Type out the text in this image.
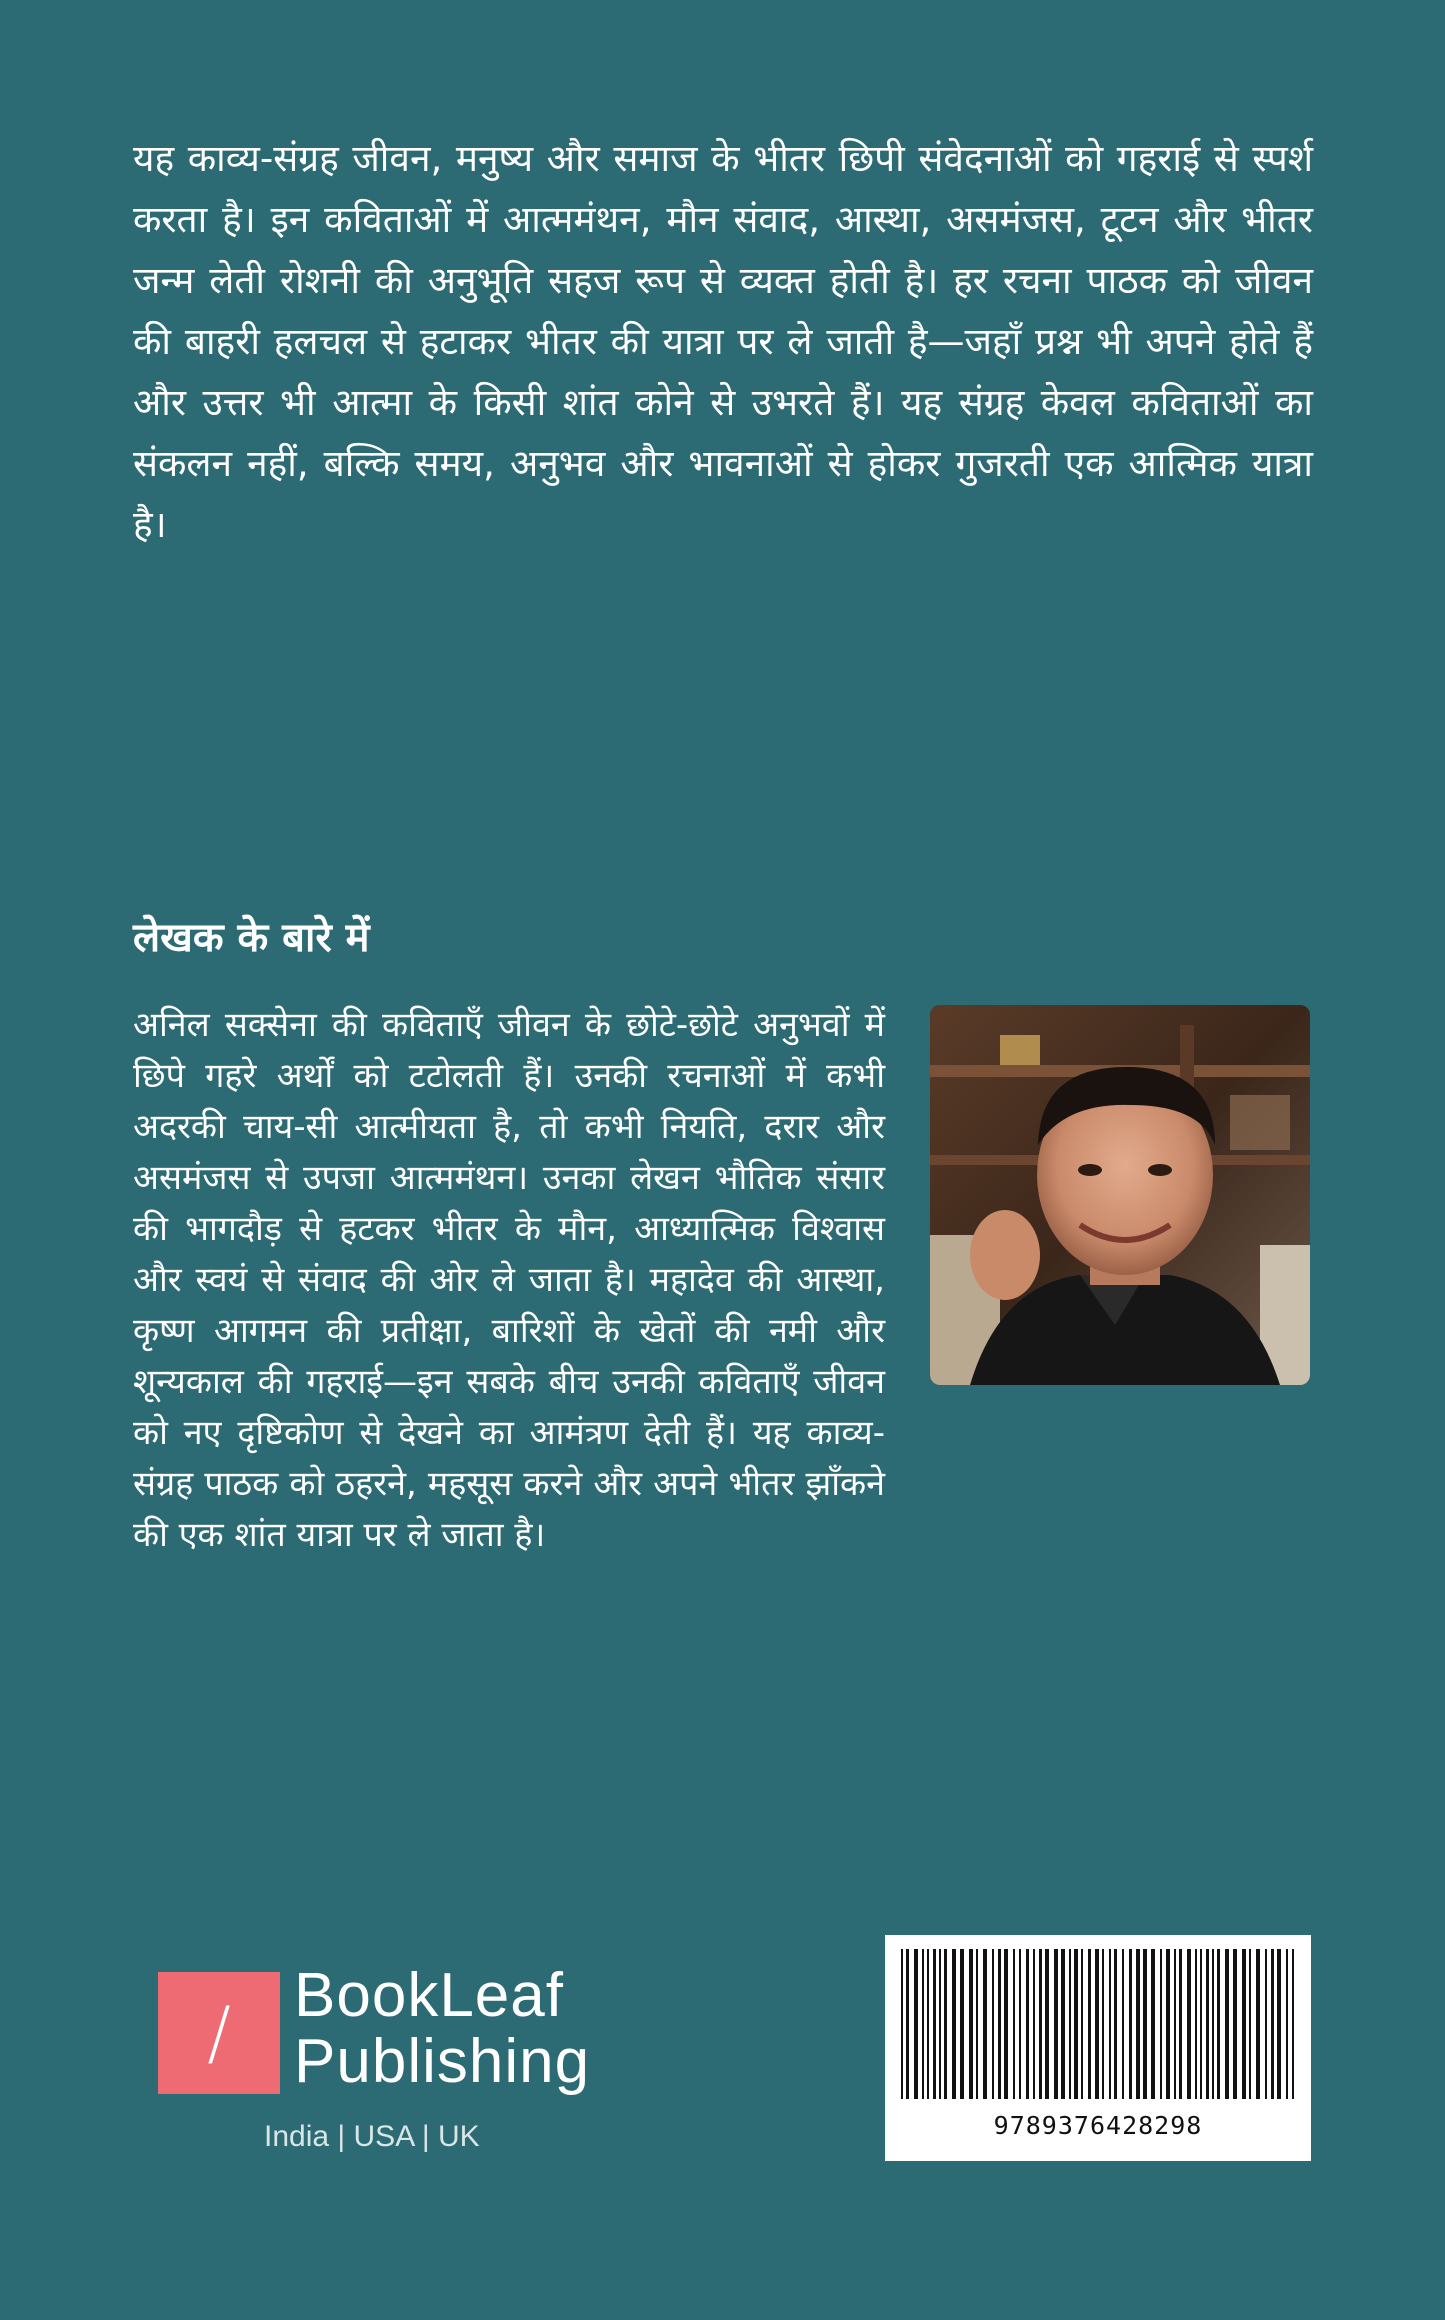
यह काव्य-संग्रह जीवन, मनुष्य और समाज के भीतर छिपी संवेदनाओं को गहराई से स्पर्श करता है। इन कविताओं में आत्ममंथन, मौन संवाद, आस्था, असमंजस, टूटन और भीतर जन्म लेती रोशनी की अनुभूति सहज रूप से व्यक्त होती है। हर रचना पाठक को जीवन की बाहरी हलचल से हटाकर भीतर की यात्रा पर ले जाती है—जहाँ प्रश्न भी अपने होते हैं और उत्तर भी आत्मा के किसी शांत कोने से उभरते हैं। यह संग्रह केवल कविताओं का संकलन नहीं, बल्कि समय, अनुभव और भावनाओं से होकर गुजरती एक आत्मिक यात्रा है।

लेखक के बारे में

अनिल सक्सेना की कविताएँ जीवन के छोटे-छोटे अनुभवों में छिपे गहरे अर्थों को टटोलती हैं। उनकी रचनाओं में कभी अदरकी चाय-सी आत्मीयता है, तो कभी नियति, दरार और असमंजस से उपजा आत्ममंथन। उनका लेखन भौतिक संसार की भागदौड़ से हटकर भीतर के मौन, आध्यात्मिक विश्वास और स्वयं से संवाद की ओर ले जाता है। महादेव की आस्था, कृष्ण आगमन की प्रतीक्षा, बारिशों के खेतों की नमी और शून्यकाल की गहराई—इन सबके बीच उनकी कविताएँ जीवन को नए दृष्टिकोण से देखने का आमंत्रण देती हैं। यह काव्य-संग्रह पाठक को ठहरने, महसूस करने और अपने भीतर झाँकने की एक शांत यात्रा पर ले जाता है।

/	BookLeaf
Publishing
India | USA | UK	9789376428298
